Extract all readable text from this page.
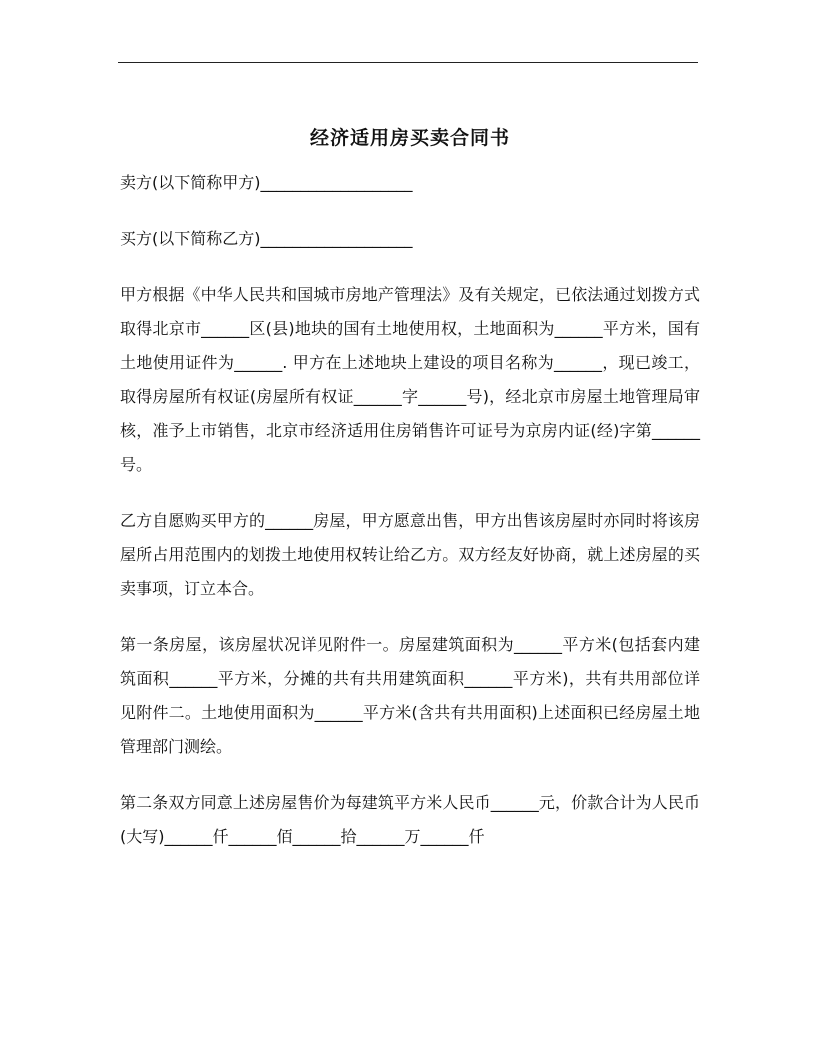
经济适用房买卖合同书

卖方(以下简称甲方)___________________

买方(以下简称乙方)___________________

甲方根据《中华人民共和国城市房地产管理法》及有关规定，已依法通过划拨方式取得北京市______区(县)地块的国有土地使用权，土地面积为______平方米，国有土地使用证件为______. 甲方在上述地块上建设的项目名称为______，现已竣工，取得房屋所有权证(房屋所有权证______字______号)，经北京市房屋土地管理局审核，准予上市销售，北京市经济适用住房销售许可证号为京房内证(经)字第______号。

乙方自愿购买甲方的______房屋，甲方愿意出售，甲方出售该房屋时亦同时将该房屋所占用范围内的划拨土地使用权转让给乙方。双方经友好协商，就上述房屋的买卖事项，订立本合。

第一条房屋，该房屋状况详见附件一。房屋建筑面积为______平方米(包括套内建筑面积______平方米，分摊的共有共用建筑面积______平方米)，共有共用部位详见附件二。土地使用面积为______平方米(含共有共用面积)上述面积已经房屋土地管理部门测绘。

第二条双方同意上述房屋售价为每建筑平方米人民币______元，价款合计为人民币(大写)______仟______佰______拾______万______仟
